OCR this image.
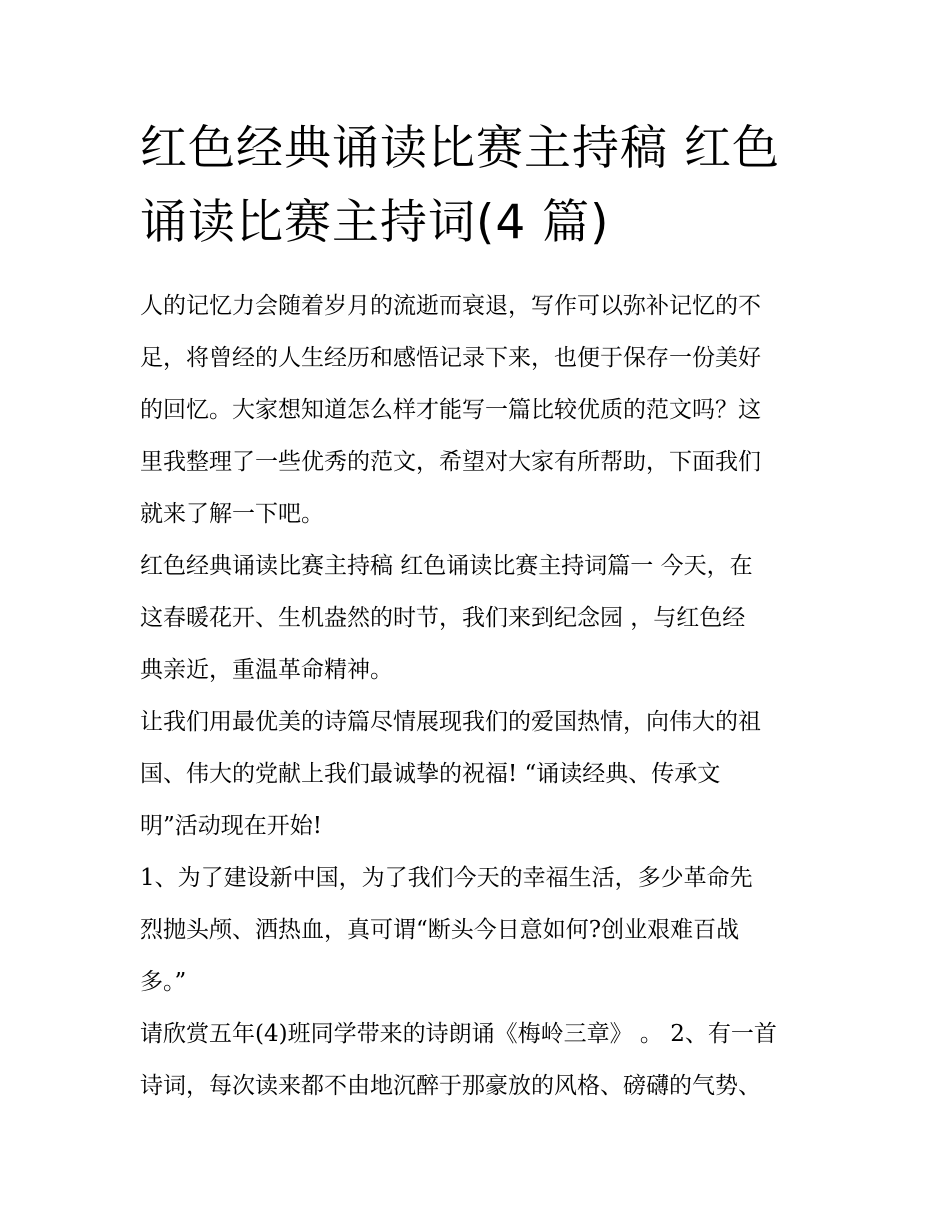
红色经典诵读比赛主持稿 红色
诵读比赛主持词(4 篇)
人的记忆力会随着岁月的流逝而衰退，写作可以弥补记忆的不
足，将曾经的人生经历和感悟记录下来，也便于保存一份美好
的回忆。大家想知道怎么样才能写一篇比较优质的范文吗？这
里我整理了一些优秀的范文，希望对大家有所帮助，下面我们
就来了解一下吧。
红色经典诵读比赛主持稿 红色诵读比赛主持词篇一 今天，在
这春暖花开、生机盎然的时节，我们来到纪念园 ，与红色经
典亲近，重温革命精神。
让我们用最优美的诗篇尽情展现我们的爱国热情，向伟大的祖
国、伟大的党献上我们最诚挚的祝福! “诵读经典、传承文
明”活动现在开始!
1、为了建设新中国，为了我们今天的幸福生活，多少革命先
烈抛头颅、洒热血，真可谓“断头今日意如何?创业艰难百战
多。”
请欣赏五年(4)班同学带来的诗朗诵《梅岭三章》 。 2、有一首
诗词，每次读来都不由地沉醉于那豪放的风格、磅礴的气势、
